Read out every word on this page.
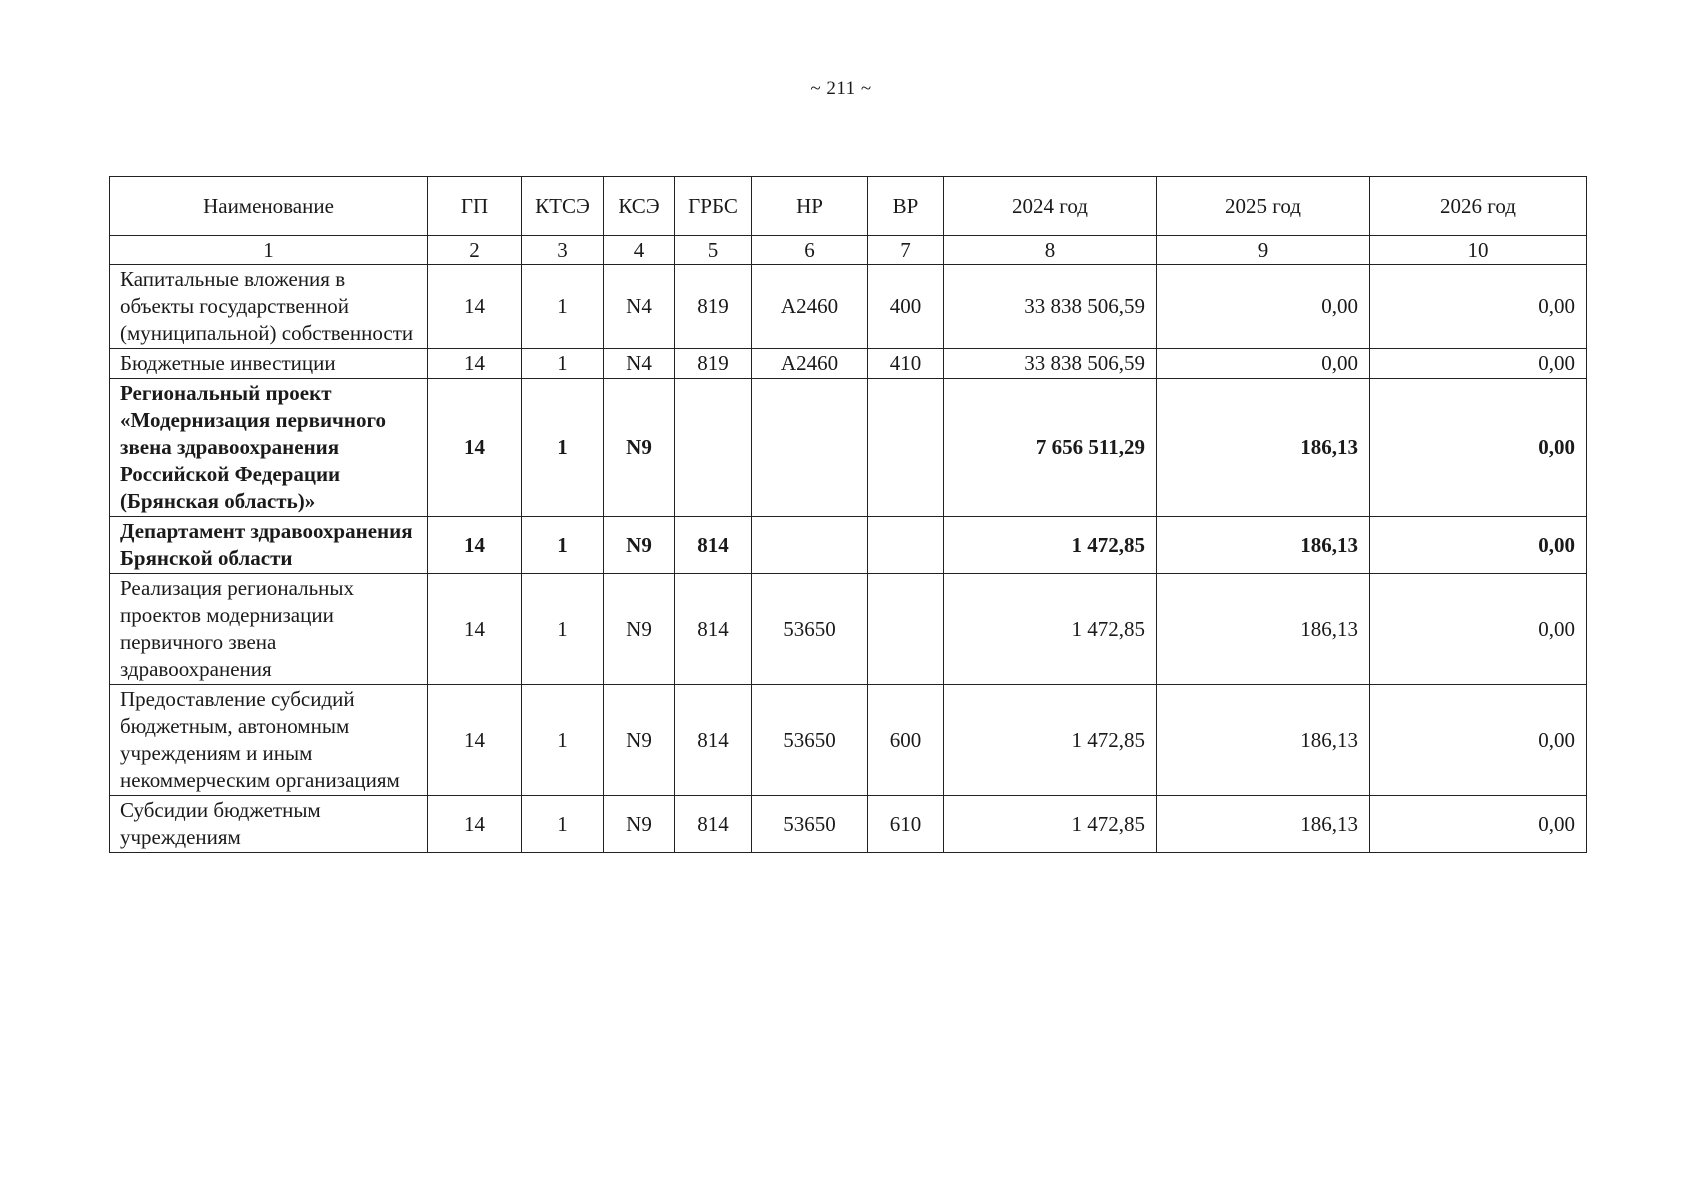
~ 211 ~
Наименование	ГП	КТСЭ	КСЭ	ГРБС	НР	ВР	2024 год	2025 год	2026 год
1	2	3	4	5	6	7	8	9	10
Капитальные вложения в объекты государственной (муниципальной) собственности	14	1	N4	819	А2460	400	33 838 506,59	0,00	0,00
Бюджетные инвестиции	14	1	N4	819	А2460	410	33 838 506,59	0,00	0,00
Региональный проект «Модернизация первичного звена здравоохранения Российской Федерации (Брянская область)»	14	1	N9				7 656 511,29	186,13	0,00
Департамент здравоохранения Брянской области	14	1	N9	814			1 472,85	186,13	0,00
Реализация региональных проектов модернизации первичного звена здравоохранения	14	1	N9	814	53650		1 472,85	186,13	0,00
Предоставление субсидий бюджетным, автономным учреждениям и иным некоммерческим организациям	14	1	N9	814	53650	600	1 472,85	186,13	0,00
Субсидии бюджетным учреждениям	14	1	N9	814	53650	610	1 472,85	186,13	0,00
